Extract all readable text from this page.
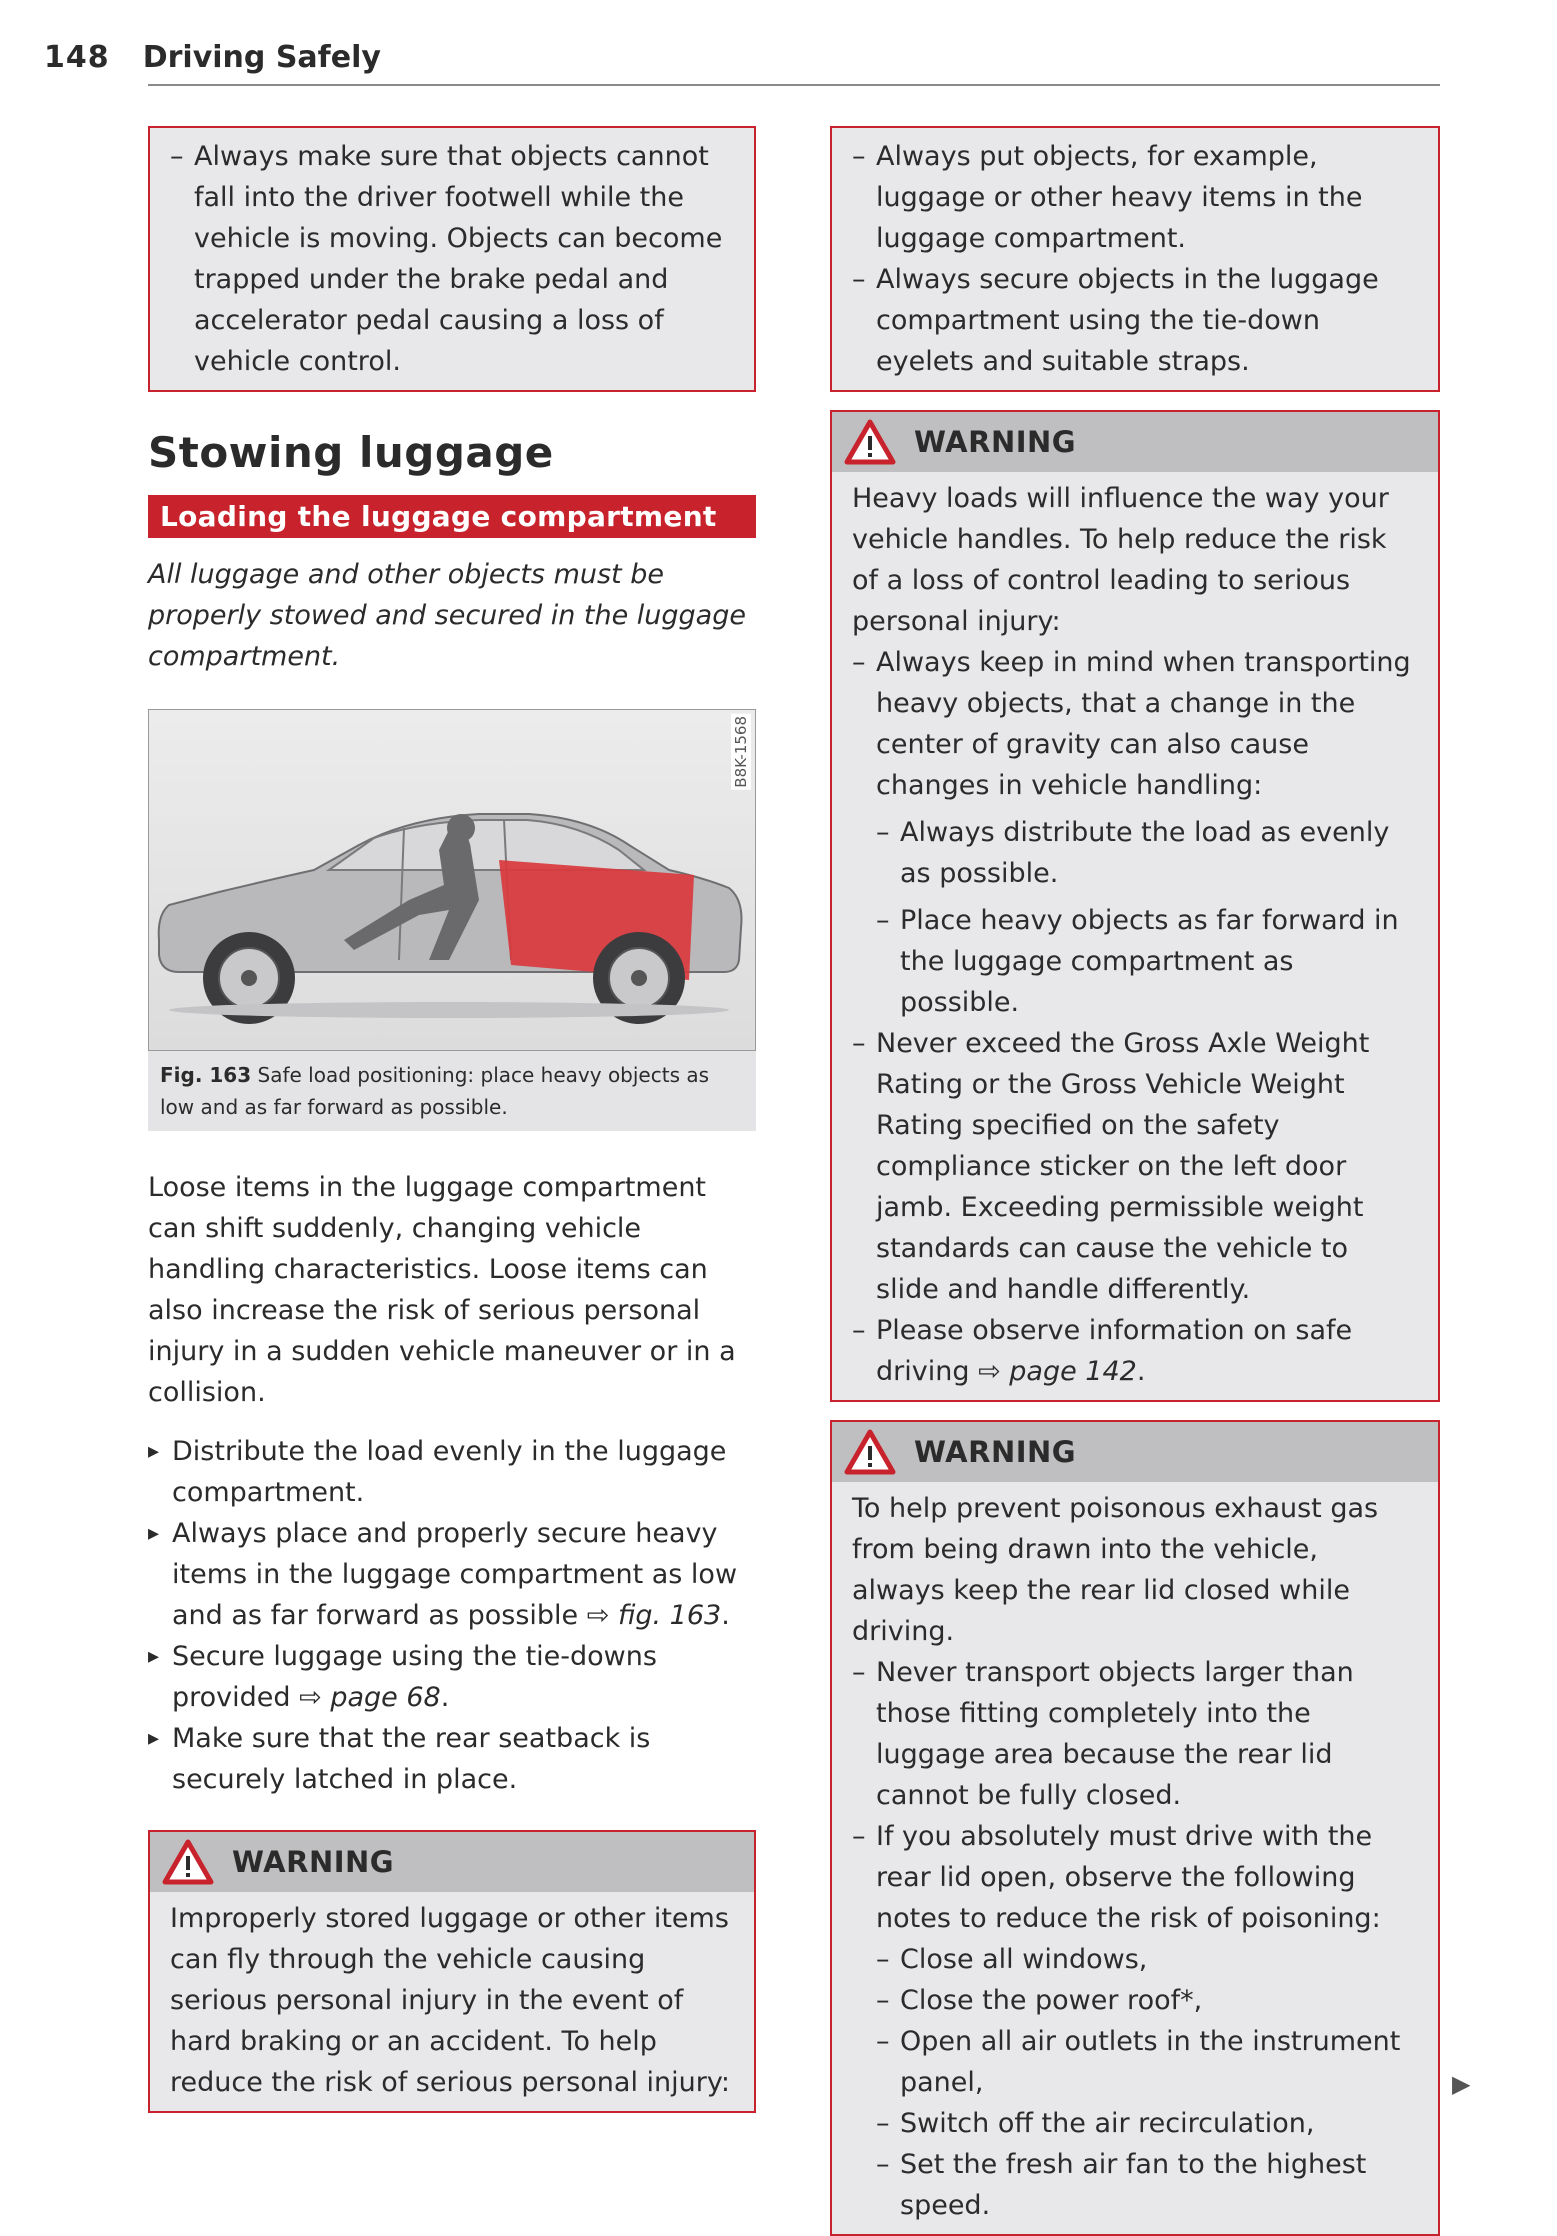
148 Driving Safely
– Always make sure that objects cannot fall into the driver footwell while the vehicle is moving. Objects can become trapped under the brake pedal and accelerator pedal causing a loss of vehicle control.
Stowing luggage
Loading the luggage compartment
All luggage and other objects must be properly stowed and secured in the luggage compartment.
B8K-1568
Fig. 163 Safe load positioning: place heavy objects as low and as far forward as possible.
Loose items in the luggage compartment can shift suddenly, changing vehicle handling characteristics. Loose items can also increase the risk of serious personal injury in a sudden vehicle maneuver or in a collision.
▸ Distribute the load evenly in the luggage compartment.
▸ Always place and properly secure heavy items in the luggage compartment as low and as far forward as possible ⇨ fig. 163.
▸ Secure luggage using the tie-downs provided ⇨ page 68.
▸ Make sure that the rear seatback is securely latched in place.
WARNING
Improperly stored luggage or other items can fly through the vehicle causing serious personal injury in the event of hard braking or an accident. To help reduce the risk of serious personal injury:
– Always put objects, for example, luggage or other heavy items in the luggage compartment.
– Always secure objects in the luggage compartment using the tie-down eyelets and suitable straps.
WARNING
Heavy loads will influence the way your vehicle handles. To help reduce the risk of a loss of control leading to serious personal injury:
– Always keep in mind when transporting heavy objects, that a change in the center of gravity can also cause changes in vehicle handling:
– Always distribute the load as evenly as possible.
– Place heavy objects as far forward in the luggage compartment as possible.
– Never exceed the Gross Axle Weight Rating or the Gross Vehicle Weight Rating specified on the safety compliance sticker on the left door jamb. Exceeding permissible weight standards can cause the vehicle to slide and handle differently.
– Please observe information on safe driving ⇨ page 142.
WARNING
To help prevent poisonous exhaust gas from being drawn into the vehicle, always keep the rear lid closed while driving.
– Never transport objects larger than those fitting completely into the luggage area because the rear lid cannot be fully closed.
– If you absolutely must drive with the rear lid open, observe the following notes to reduce the risk of poisoning:
– Close all windows,
– Close the power roof*,
– Open all air outlets in the instrument panel,
– Switch off the air recirculation,
– Set the fresh air fan to the highest speed.
▶
